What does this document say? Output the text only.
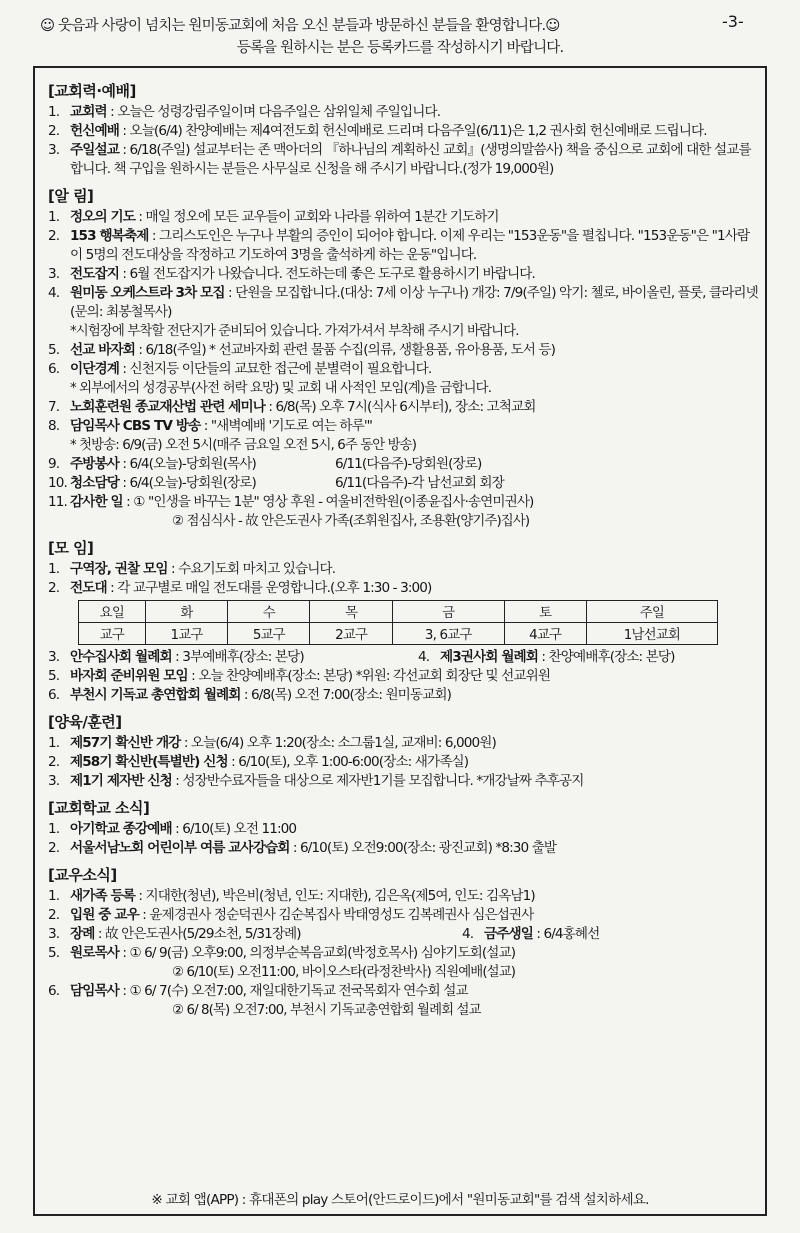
☺ 웃음과 사랑이 넘치는 원미동교회에 처음 오신 분들과 방문하신 분들을 환영합니다.☺	-3-
등록을 원하시는 분은 등록카드를 작성하시기 바랍니다.
[교회력·예배]
1. 교회력 : 오늘은 성령강림주일이며 다음주일은 삼위일체 주일입니다.
2. 헌신예배 : 오늘(6/4) 찬양예배는 제4여전도회 헌신예배로 드리며 다음주일(6/11)은 1,2 권사회 헌신예배로 드립니다.
3. 주일설교 : 6/18(주일) 설교부터는 존 맥아더의 『하나님의 계획하신 교회』(생명의말씀사) 책을 중심으로 교회에 대한 설교를 합니다. 책 구입을 원하시는 분들은 사무실로 신청을 해 주시기 바랍니다.(정가 19,000원)
[알 림]
1. 정오의 기도 : 매일 정오에 모든 교우들이 교회와 나라를 위하여 1분간 기도하기
2. 153 행복축제 : 그리스도인은 누구나 부활의 증인이 되어야 합니다. 이제 우리는 "153운동"을 펼칩니다. "153운동"은 "1사람이 5명의 전도대상을 작정하고 기도하여 3명을 출석하게 하는 운동"입니다.
3. 전도잡지 : 6월 전도잡지가 나왔습니다. 전도하는데 좋은 도구로 활용하시기 바랍니다.
4. 원미동 오케스트라 3차 모집 : 단원을 모집합니다.(대상: 7세 이상 누구나) 개강: 7/9(주일) 악기: 첼로, 바이올린, 플룻, 클라리넷(문의: 최봉철목사)
*시험장에 부착할 전단지가 준비되어 있습니다. 가져가셔서 부착해 주시기 바랍니다.
5. 선교 바자회 : 6/18(주일) * 선교바자회 관련 물품 수집(의류, 생활용품, 유아용품, 도서 등)
6. 이단경계 : 신천지등 이단들의 교묘한 접근에 분별력이 필요합니다.
* 외부에서의 성경공부(사전 허락 요망) 및 교회 내 사적인 모임(계)을 금합니다.
7. 노회훈련원 종교재산법 관련 세미나 : 6/8(목) 오후 7시(식사 6시부터), 장소: 고척교회
8. 담임목사 CBS TV 방송 : "새벽예배 '기도로 여는 하루'"
* 첫방송: 6/9(금) 오전 5시(매주 금요일 오전 5시, 6주 동안 방송)
9. 주방봉사 : 6/4(오늘)-당회원(목사)	6/11(다음주)-당회원(장로)
10. 청소담당 : 6/4(오늘)-당회원(장로)	6/11(다음주)-각 남선교회 회장
11. 감사한 일 : ① "인생을 바꾸는 1분" 영상 후원 - 여울비전학원(이종윤집사·송연미권사)
② 점심식사 - 故 안은도권사 가족(조휘원집사, 조용환(양기주)집사)
[모 임]
1. 구역장, 권찰 모임 : 수요기도회 마치고 있습니다.
2. 전도대 : 각 교구별로 매일 전도대를 운영합니다.(오후 1:30 - 3:00)
요일	화	수	목	금	토	주일
교구	1교구	5교구	2교구	3, 6교구	4교구	1남선교회
3. 안수집사회 월례회 : 3부예배후(장소: 본당)	4. 제3권사회 월례회 : 찬양예배후(장소: 본당)
5. 바자회 준비위원 모임 : 오늘 찬양예배후(장소: 본당) *위원: 각선교회 회장단 및 선교위원
6. 부천시 기독교 총연합회 월례회 : 6/8(목) 오전 7:00(장소: 원미동교회)
[양육/훈련]
1. 제57기 확신반 개강 : 오늘(6/4) 오후 1:20(장소: 소그룹1실, 교재비: 6,000원)
2. 제58기 확신반(특별반) 신청 : 6/10(토), 오후 1:00-6:00(장소: 새가족실)
3. 제1기 제자반 신청 : 성장반수료자들을 대상으로 제자반1기를 모집합니다. *개강날짜 추후공지
[교회학교 소식]
1. 아기학교 종강예배 : 6/10(토) 오전 11:00
2. 서울서남노회 어린이부 여름 교사강습회 : 6/10(토) 오전9:00(장소: 광진교회) *8:30 출발
[교우소식]
1. 새가족 등록 : 지대한(청년), 박은비(청년, 인도: 지대한), 김은옥(제5여, 인도: 김옥남1)
2. 입원 중 교우 : 윤제경권사 정순덕권사 김순복집사 박태영성도 김복례권사 심은섭권사
3. 장례 : 故 안은도권사(5/29소천, 5/31장례)	4. 금주생일 : 6/4홍혜선
5. 원로목사 : ① 6/ 9(금) 오후9:00, 의정부순복음교회(박정호목사) 심야기도회(설교)
② 6/10(토) 오전11:00, 바이오스타(라정찬박사) 직원예배(설교)
6. 담임목사 : ① 6/ 7(수) 오전7:00, 재일대한기독교 전국목회자 연수회 설교
② 6/ 8(목) 오전7:00, 부천시 기독교총연합회 월례회 설교
※ 교회 앱(APP) : 휴대폰의 play 스토어(안드로이드)에서 "원미동교회"를 검색 설치하세요.
